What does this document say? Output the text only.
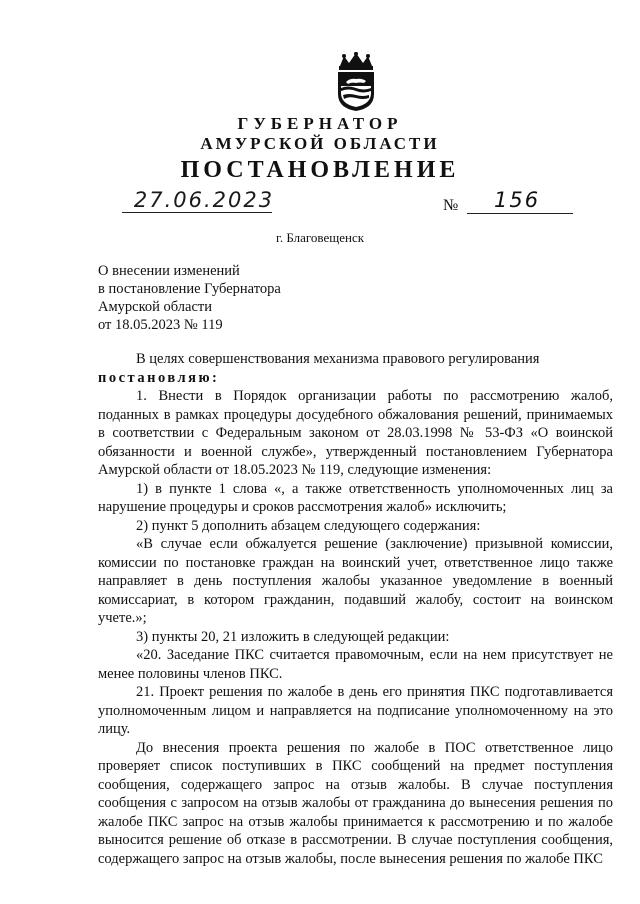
ГУБЕРНАТОР
АМУРСКОЙ ОБЛАСТИ
ПОСТАНОВЛЕНИЕ
27.06.2023	№	156
г. Благовещенск
О внесении изменений
в постановление Губернатора
Амурской области
от 18.05.2023 № 119

В целях совершенствования механизма правового регулирования

постановляю:

1. Внести в Порядок организации работы по рассмотрению жалоб, поданных в рамках процедуры досудебного обжалования решений, принимаемых в соответствии с Федеральным законом от 28.03.1998 № 53-ФЗ «О воинской обязанности и военной службе», утвержденный постановлением Губернатора Амурской области от 18.05.2023 № 119, следующие изменения:

1) в пункте 1 слова «, а также ответственность уполномоченных лиц за нарушение процедуры и сроков рассмотрения жалоб» исключить;

2) пункт 5 дополнить абзацем следующего содержания:

«В случае если обжалуется решение (заключение) призывной комиссии, комиссии по постановке граждан на воинский учет, ответственное лицо также направляет в день поступления жалобы указанное уведомление в военный комиссариат, в котором гражданин, подавший жалобу, состоит на воинском учете.»;

3) пункты 20, 21 изложить в следующей редакции:

«20. Заседание ПКС считается правомочным, если на нем присутствует не менее половины членов ПКС.

21. Проект решения по жалобе в день его принятия ПКС подготавливается уполномоченным лицом и направляется на подписание уполномоченному на это лицу.

До внесения проекта решения по жалобе в ПОС ответственное лицо проверяет список поступивших в ПКС сообщений на предмет поступления сообщения, содержащего запрос на отзыв жалобы. В случае поступления сообщения с запросом на отзыв жалобы от гражданина до вынесения решения по жалобе ПКС запрос на отзыв жалобы принимается к рассмотрению и по жалобе выносится решение об отказе в рассмотрении. В случае поступления сообщения, содержащего запрос на отзыв жалобы, после вынесения решения по жалобе ПКС
